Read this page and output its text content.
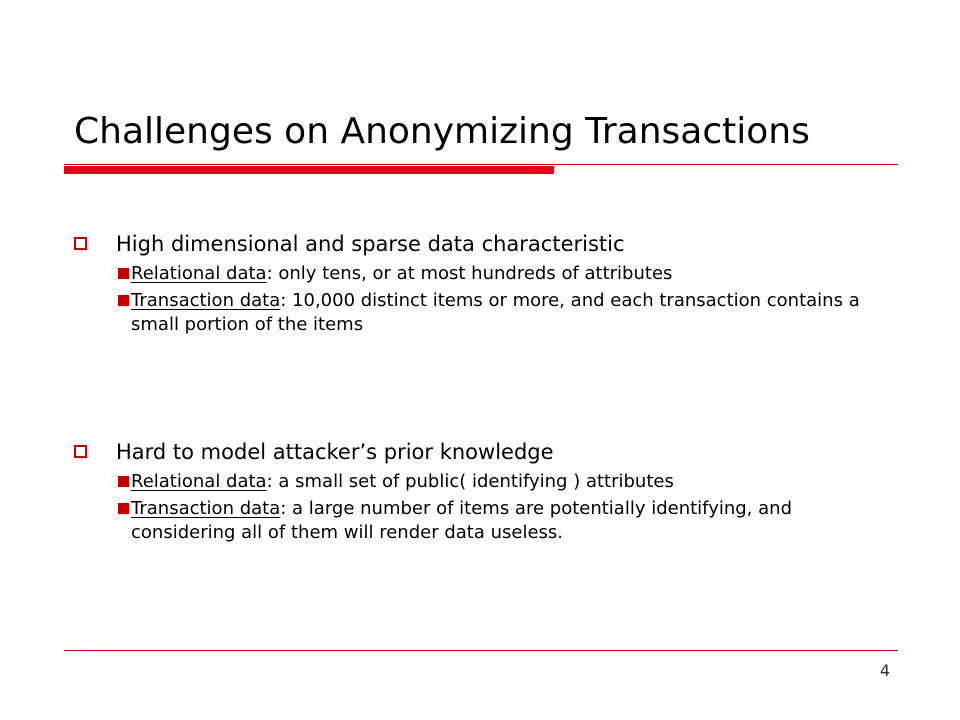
Challenges on Anonymizing Transactions
High dimensional and sparse data characteristic
Relational data: only tens, or at most hundreds of attributes
Transaction data: 10,000 distinct items or more, and each transaction contains a small portion of the items
Hard to model attacker’s prior knowledge
Relational data: a small set of public( identifying ) attributes
Transaction data: a large number of items are potentially identifying, and considering all of them will render data useless.
4
